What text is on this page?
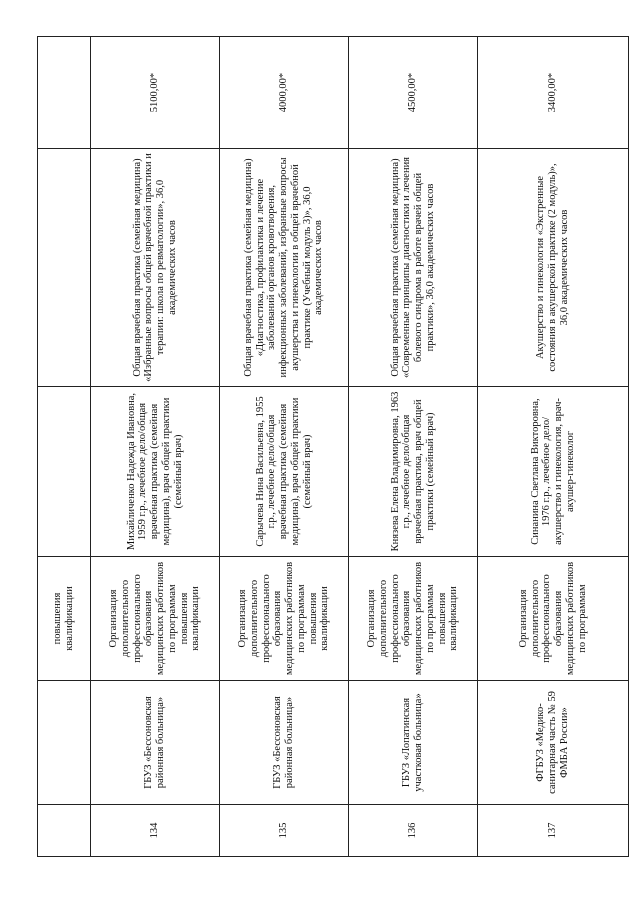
		повышения квалификации			
134	ГБУЗ «Бессоновская районная больница»	Организация дополнительного профессионального образования медицинских работников по программам повышения квалификации	Михайличенко Надежда Ивановна, 1959 г.р., лечебное дело/общая врачебная практика (семейная медицина), врач общей практики (семейный врач)	Общая врачебная практика (семейная медицина) «Избранные вопросы общей врачебной практики и терапии: школа по ревматологии», 36,0 академических часов	5100,00*
135	ГБУЗ «Бессоновская районная больница»	Организация дополнительного профессионального образования медицинских работников по программам повышения квалификации	Сарычева Нина Васильевна, 1955 г.р., лечебное дело/общая врачебная практика (семейная медицина), врач общей практики (семейный врач)	Общая врачебная практика (семейная медицина) «Диагностика, профилактика и лечение заболеваний органов кровотворения, инфекционных заболеваний, избранные вопросы акушерства и гинекологии в общей врачебной практике (Учебный модуль 3)», 36,0 академических часов	4000,00*
136	ГБУЗ «Лопатинская участковая больница»	Организация дополнительного профессионального образования медицинских работников по программам повышения квалификации	Князева Елена Владимировна, 1963 г.р., лечебное дело/общая врачебная практика, врач общей практики (семейный врач)	Общая врачебная практика (семейная медицина) «Современные принципы диагностики и лечения болевого синдрома в работе врачей общей практики», 36,0 академических часов	4500,00*
137	ФГБУЗ «Медико-санитарная часть № 59 ФМБА России»	Организация дополнительного профессионального образования медицинских работников по программам	Синанина Светлана Викторовна, 1976 г.р., лечебное дело/ акушерство и гинекология, врач-акушер-гинеколог	Акушерство и гинекология «Экстренные состояния в акушерской практике (2 модуль)», 36,0 академических часов	3400,00*
